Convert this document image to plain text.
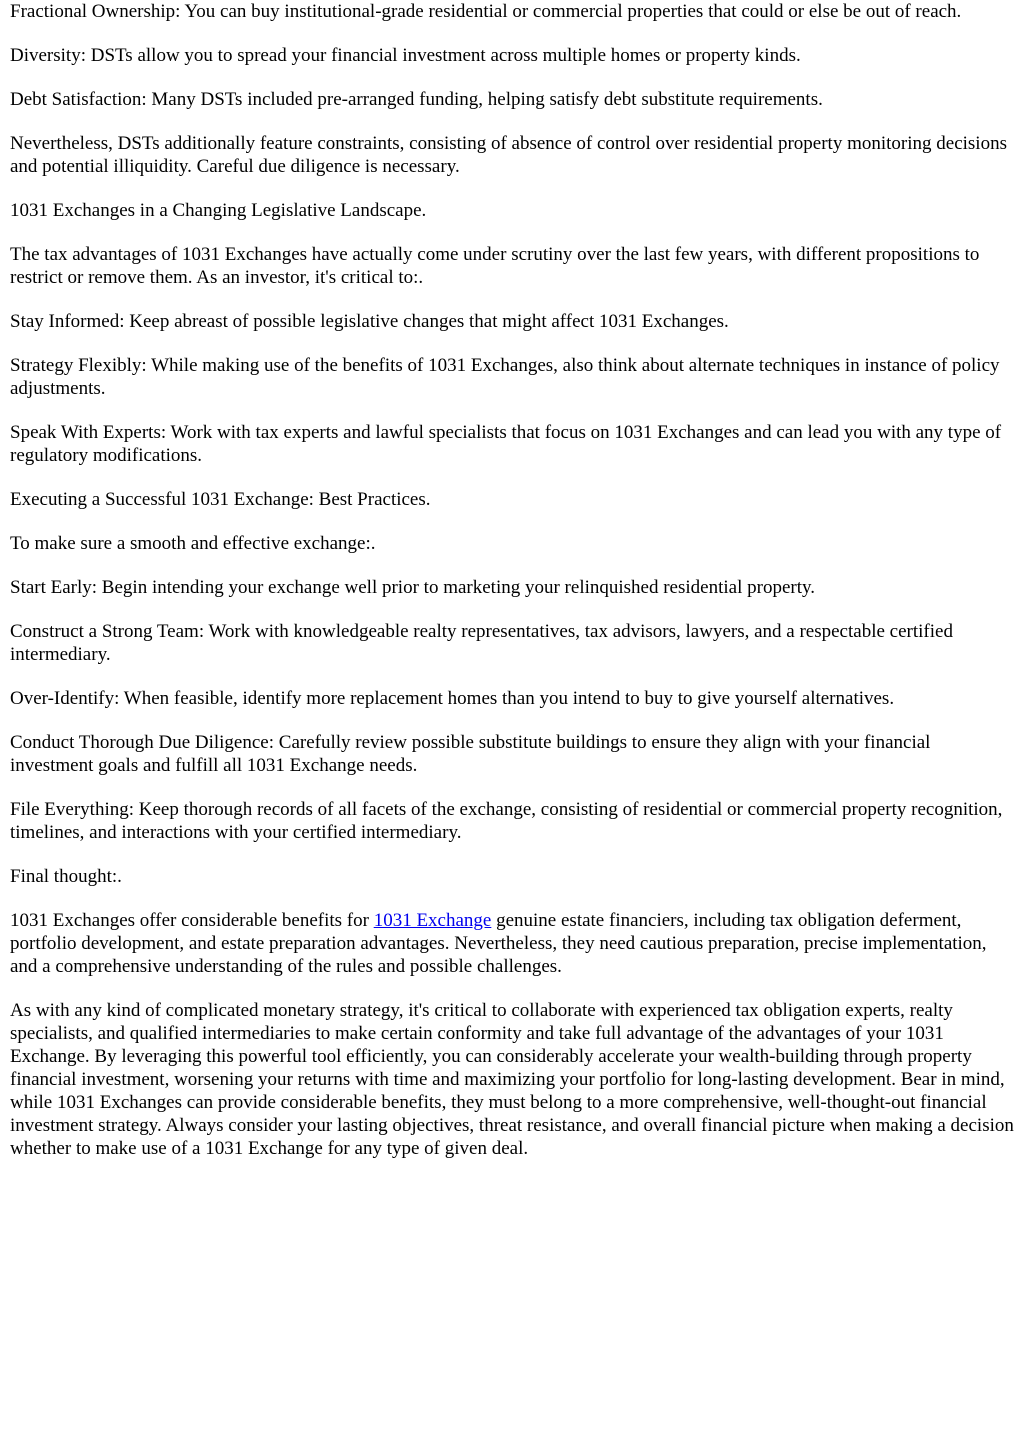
Fractional Ownership: You can buy institutional-grade residential or commercial properties that could or else be out of reach.

Diversity: DSTs allow you to spread your financial investment across multiple homes or property kinds.

Debt Satisfaction: Many DSTs included pre-arranged funding, helping satisfy debt substitute requirements.

Nevertheless, DSTs additionally feature constraints, consisting of absence of control over residential property monitoring decisions and potential illiquidity. Careful due diligence is necessary.

1031 Exchanges in a Changing Legislative Landscape.

The tax advantages of 1031 Exchanges have actually come under scrutiny over the last few years, with different propositions to restrict or remove them. As an investor, it's critical to:.

Stay Informed: Keep abreast of possible legislative changes that might affect 1031 Exchanges.

Strategy Flexibly: While making use of the benefits of 1031 Exchanges, also think about alternate techniques in instance of policy adjustments.

Speak With Experts: Work with tax experts and lawful specialists that focus on 1031 Exchanges and can lead you with any type of regulatory modifications.

Executing a Successful 1031 Exchange: Best Practices.

To make sure a smooth and effective exchange:.

Start Early: Begin intending your exchange well prior to marketing your relinquished residential property.

Construct a Strong Team: Work with knowledgeable realty representatives, tax advisors, lawyers, and a respectable certified intermediary.

Over-Identify: When feasible, identify more replacement homes than you intend to buy to give yourself alternatives.

Conduct Thorough Due Diligence: Carefully review possible substitute buildings to ensure they align with your financial investment goals and fulfill all 1031 Exchange needs.

File Everything: Keep thorough records of all facets of the exchange, consisting of residential or commercial property recognition, timelines, and interactions with your certified intermediary.

Final thought:.

1031 Exchanges offer considerable benefits for 1031 Exchange genuine estate financiers, including tax obligation deferment, portfolio development, and estate preparation advantages. Nevertheless, they need cautious preparation, precise implementation, and a comprehensive understanding of the rules and possible challenges.

As with any kind of complicated monetary strategy, it's critical to collaborate with experienced tax obligation experts, realty specialists, and qualified intermediaries to make certain conformity and take full advantage of the advantages of your 1031 Exchange. By leveraging this powerful tool efficiently, you can considerably accelerate your wealth-building through property financial investment, worsening your returns with time and maximizing your portfolio for long-lasting development. Bear in mind, while 1031 Exchanges can provide considerable benefits, they must belong to a more comprehensive, well-thought-out financial investment strategy. Always consider your lasting objectives, threat resistance, and overall financial picture when making a decision whether to make use of a 1031 Exchange for any type of given deal.
